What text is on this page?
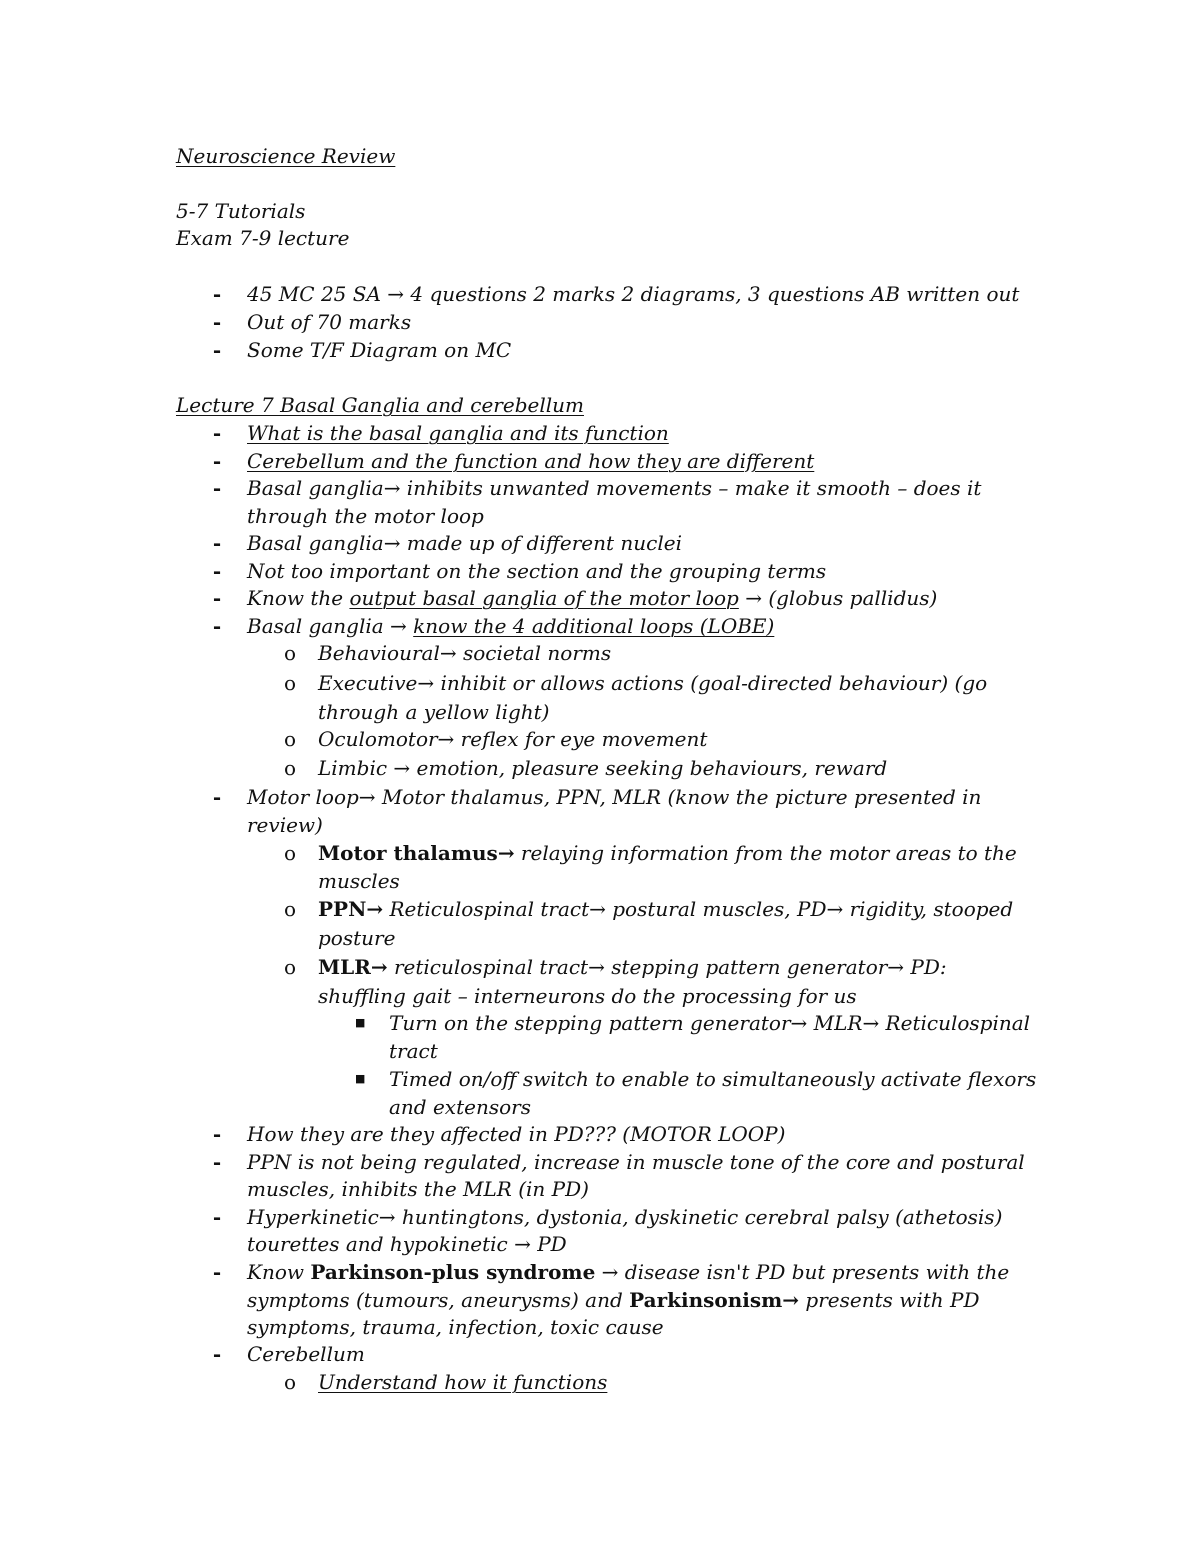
Neuroscience Review
5-7 Tutorials
Exam 7-9 lecture
- 45 MC 25 SA → 4 questions 2 marks 2 diagrams, 3 questions AB written out
- Out of 70 marks
- Some T/F Diagram on MC
Lecture 7 Basal Ganglia and cerebellum
- What is the basal ganglia and its function
- Cerebellum and the function and how they are different
- Basal ganglia→ inhibits unwanted movements – make it smooth – does it
through the motor loop
- Basal ganglia→ made up of different nuclei
- Not too important on the section and the grouping terms
- Know the output basal ganglia of the motor loop → (globus pallidus)
- Basal ganglia → know the 4 additional loops (LOBE)
o Behavioural→ societal norms
o Executive→ inhibit or allows actions (goal-directed behaviour) (go
through a yellow light)
o Oculomotor→ reflex for eye movement
o Limbic → emotion, pleasure seeking behaviours, reward
- Motor loop→ Motor thalamus, PPN, MLR (know the picture presented in
review)
o Motor thalamus→ relaying information from the motor areas to the
muscles
o PPN→ Reticulospinal tract→ postural muscles, PD→ rigidity, stooped
posture
o MLR→ reticulospinal tract→ stepping pattern generator→ PD:
shuffling gait – interneurons do the processing for us
■ Turn on the stepping pattern generator→ MLR→ Reticulospinal
tract
■ Timed on/off switch to enable to simultaneously activate flexors
and extensors
- How they are they affected in PD??? (MOTOR LOOP)
- PPN is not being regulated, increase in muscle tone of the core and postural
muscles, inhibits the MLR (in PD)
- Hyperkinetic→ huntingtons, dystonia, dyskinetic cerebral palsy (athetosis)
tourettes and hypokinetic → PD
- Know Parkinson-plus syndrome → disease isn't PD but presents with the
symptoms (tumours, aneurysms) and Parkinsonism→ presents with PD
symptoms, trauma, infection, toxic cause
- Cerebellum
o Understand how it functions
